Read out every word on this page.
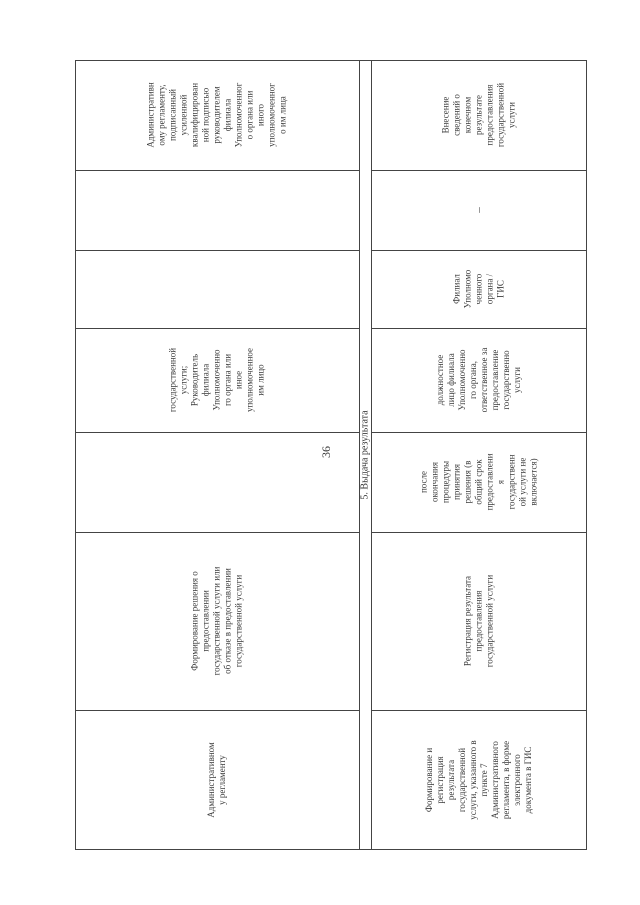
36
Административн
ому регламенту,
подписанный
усиленной
квалифицирован
ной подписью
руководителем
филиала
Уполномоченног
о органа или
иного
уполномоченног
о им лица
государственной
услуги;
Руководитель
филиала
Уполномоченно
го органа или
иное
уполномоченное
им лицо
Формирование решения о
предоставлении
государственной услуги или
об отказе в предоставлении
государственной услуги
Административном
у регламенту
5. Выдача результата
Внесение
сведений о
конечном
результате
предоставления
государственной
услуги
–
Филиал
Уполномо
ченного
органа /
ГИС
должностное
лицо филиала
Уполномоченно
го органа,
ответственное за
предоставление
государственно
услуги
после
окончания
процедуры
принятия
решения (в
общий срок
предоставлени
я
государственн
ой услуги не
включается)
Регистрация результата
предоставления
государственной услуги
Формирование и
регистрация
результата
государственной
услуги, указанного в
пункте 7
Административного
регламента, в форме
электронного
документа в ГИС
